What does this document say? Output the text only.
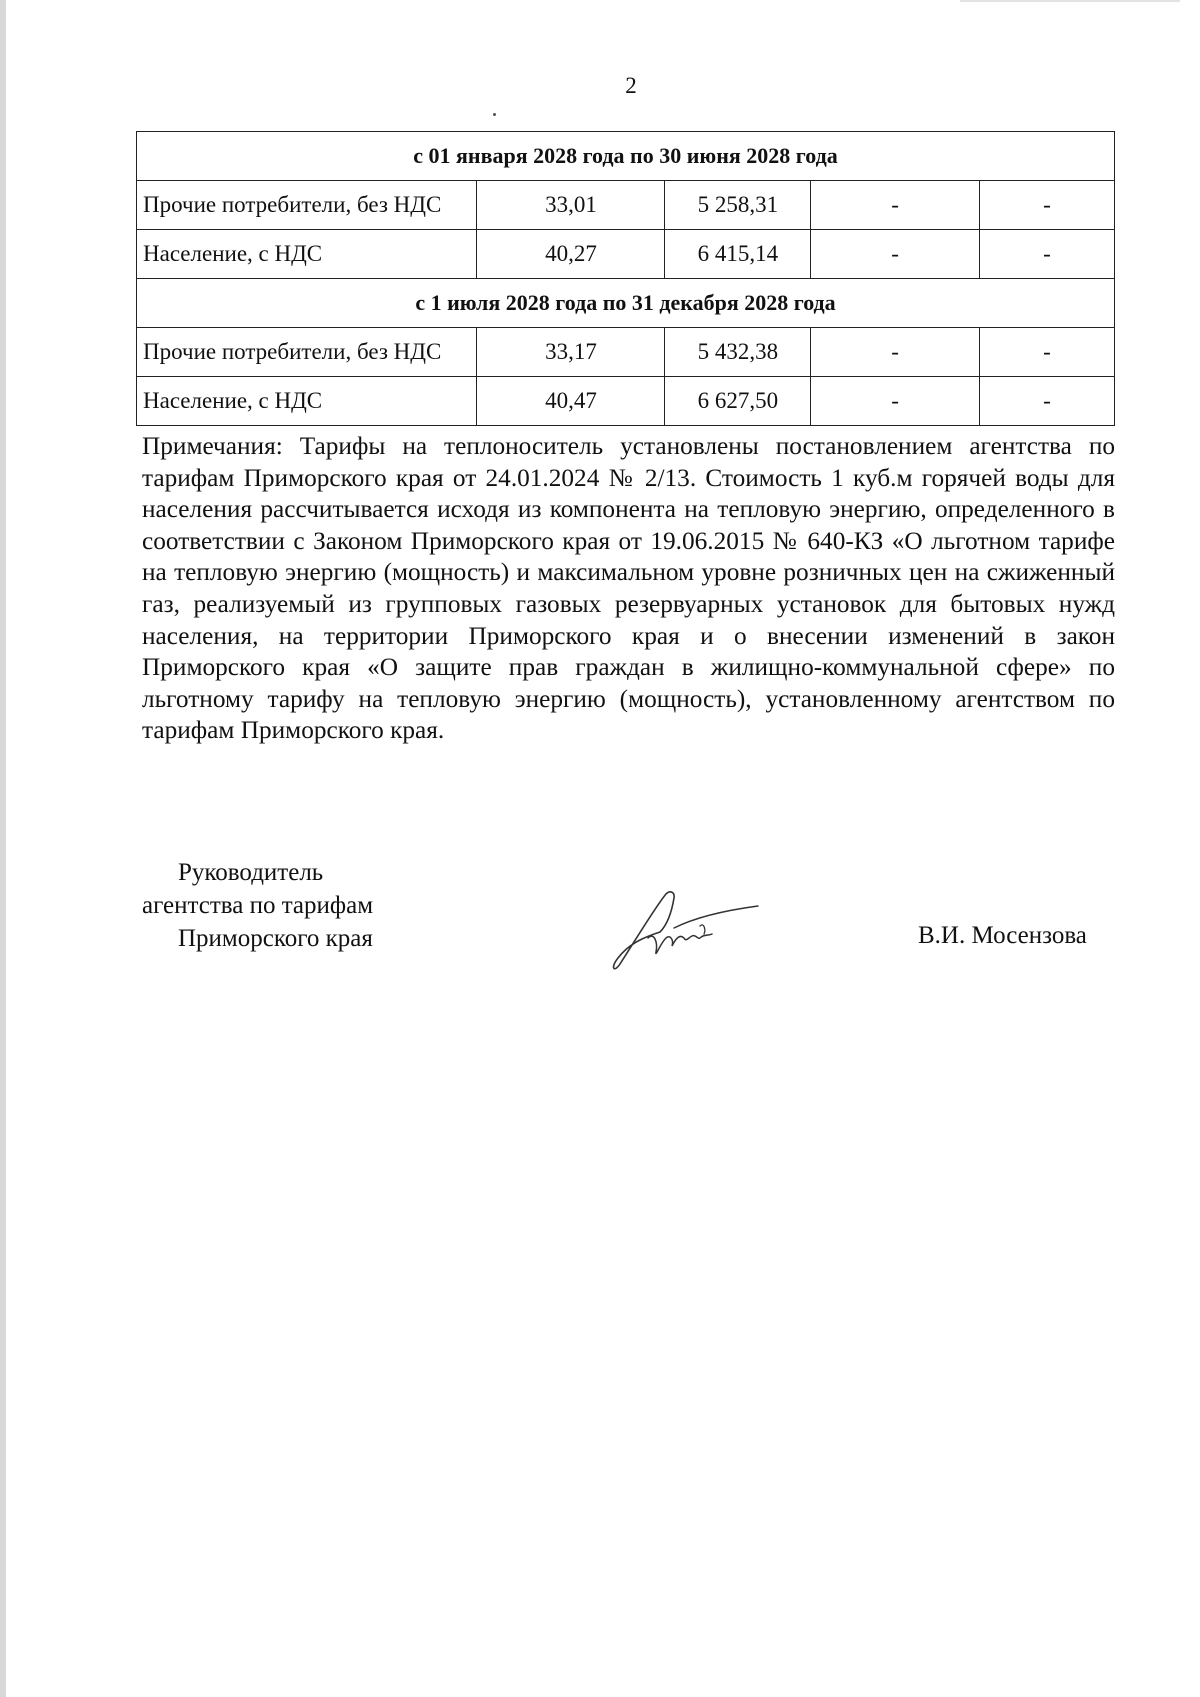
2
с 01 января 2028 года по 30 июня 2028 года				
Прочие потребители, без НДС	33,01	5 258,31	-	-
Население, с НДС	40,27	6 415,14	-	-
с 1 июля 2028 года по 31 декабря 2028 года				
Прочие потребители, без НДС	33,17	5 432,38	-	-
Население, с НДС	40,47	6 627,50	-	-
Примечания: Тарифы на теплоноситель установлены постановлением агентства по тарифам Приморского края от 24.01.2024 № 2/13. Стоимость 1 куб.м горячей воды для населения рассчитывается исходя из компонента на тепловую энергию, определенного в соответствии с Законом Приморского края от 19.06.2015 № 640-КЗ «О льготном тарифе на тепловую энергию (мощность) и максимальном уровне розничных цен на сжиженный газ, реализуемый из групповых газовых резервуарных установок для бытовых нужд населения, на территории Приморского края и о внесении изменений в закон Приморского края «О защите прав граждан в жилищно-коммунальной сфере» по льготному тарифу на тепловую энергию (мощность), установленному агентством по тарифам Приморского края.
Руководитель
агентства по тарифам
Приморского края	В.И. Мосензова
